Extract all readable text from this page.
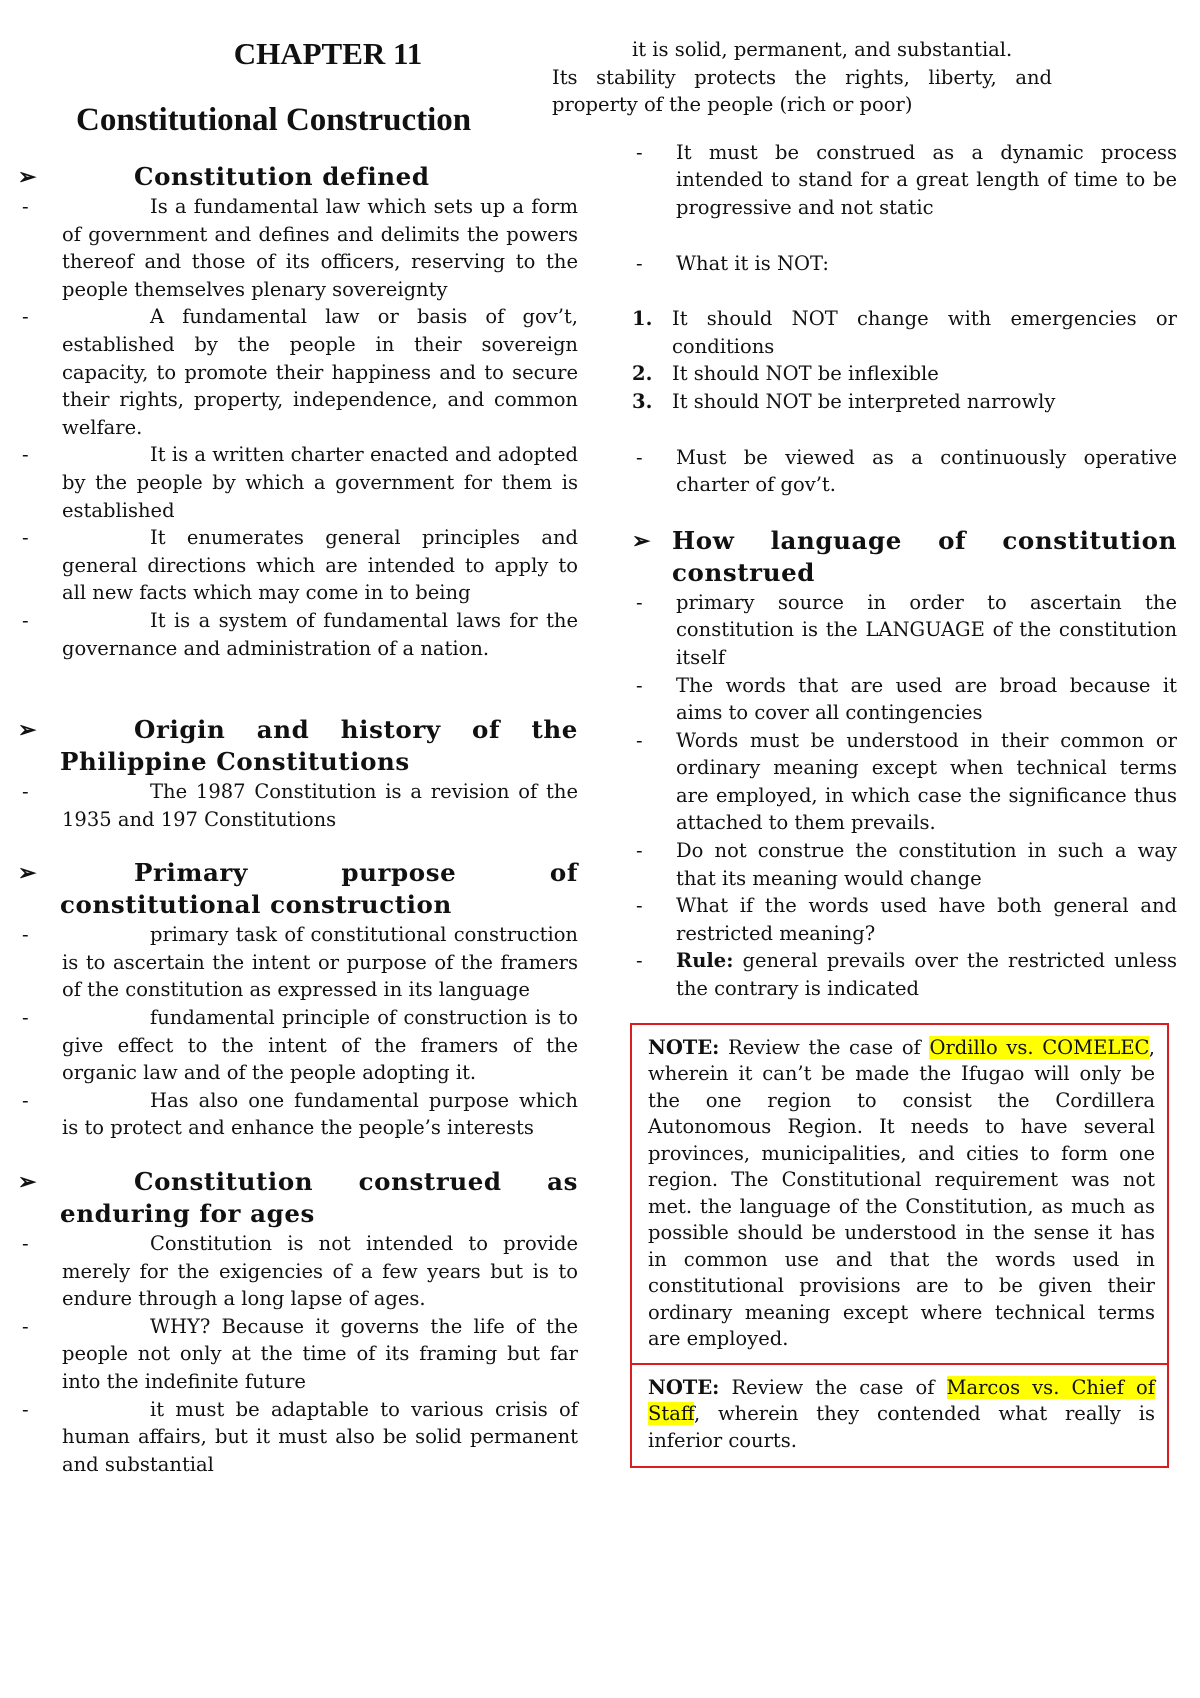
CHAPTER 11
Constitutional Construction
➢	Constitution defined
-	Is a fundamental law which sets up a form of government and defines and delimits the powers thereof and those of its officers, reserving to the people themselves plenary sovereignty
-	A fundamental law or basis of gov’t, established by the people in their sovereign capacity, to promote their happiness and to secure their rights, property, independence, and common welfare.
-	It is a written charter enacted and adopted by the people by which a government for them is established
-	It enumerates general principles and general directions which are intended to apply to all new facts which may come in to being
-	It is a system of fundamental laws for the governance and administration of a nation.
➢	Origin and history of the
Philippine Constitutions
-	The 1987 Constitution is a revision of the 1935 and 197 Constitutions
➢	Primary purpose of
constitutional construction
-	primary task of constitutional construction is to ascertain the intent or purpose of the framers of the constitution as expressed in its language
-	fundamental principle of construction is to give effect to the intent of the framers of the organic law and of the people adopting it.
-	Has also one fundamental purpose which is to protect and enhance the people’s interests
➢	Constitution construed as
enduring for ages
-	Constitution is not intended to provide merely for the exigencies of a few years but is to endure through a long lapse of ages.
-	WHY? Because it governs the life of the people not only at the time of its framing but far into the indefinite future
-	it must be adaptable to various crisis of human affairs, but it must also be solid permanent and substantial
it is solid, permanent, and substantial.
Its stability protects the rights, liberty, and property of the people (rich or poor)
-	It must be construed as a dynamic process intended to stand for a great length of time to be progressive and not static
-	What it is NOT:
1.	It should NOT change with emergencies or conditions
2.	It should NOT be inflexible
3.	It should NOT be interpreted narrowly
-	Must be viewed as a continuously operative charter of gov’t.
➢ How language of constitution
construed
-	primary source in order to ascertain the constitution is the LANGUAGE of the constitution itself
-	The words that are used are broad because it aims to cover all contingencies
-	Words must be understood in their common or ordinary meaning except when technical terms are employed, in which case the significance thus attached to them prevails.
-	Do not construe the constitution in such a way that its meaning would change
-	What if the words used have both general and restricted meaning?
-	Rule: general prevails over the restricted unless the contrary is indicated
NOTE: Review the case of Ordillo vs. COMELEC, wherein it can’t be made the Ifugao will only be the one region to consist the Cordillera Autonomous Region. It needs to have several provinces, municipalities, and cities to form one region. The Constitutional requirement was not met. the language of the Constitution, as much as possible should be understood in the sense it has in common use and that the words used in constitutional provisions are to be given their ordinary meaning except where technical terms are employed.
NOTE: Review the case of Marcos vs. Chief of Staff, wherein they contended what really is inferior courts.
